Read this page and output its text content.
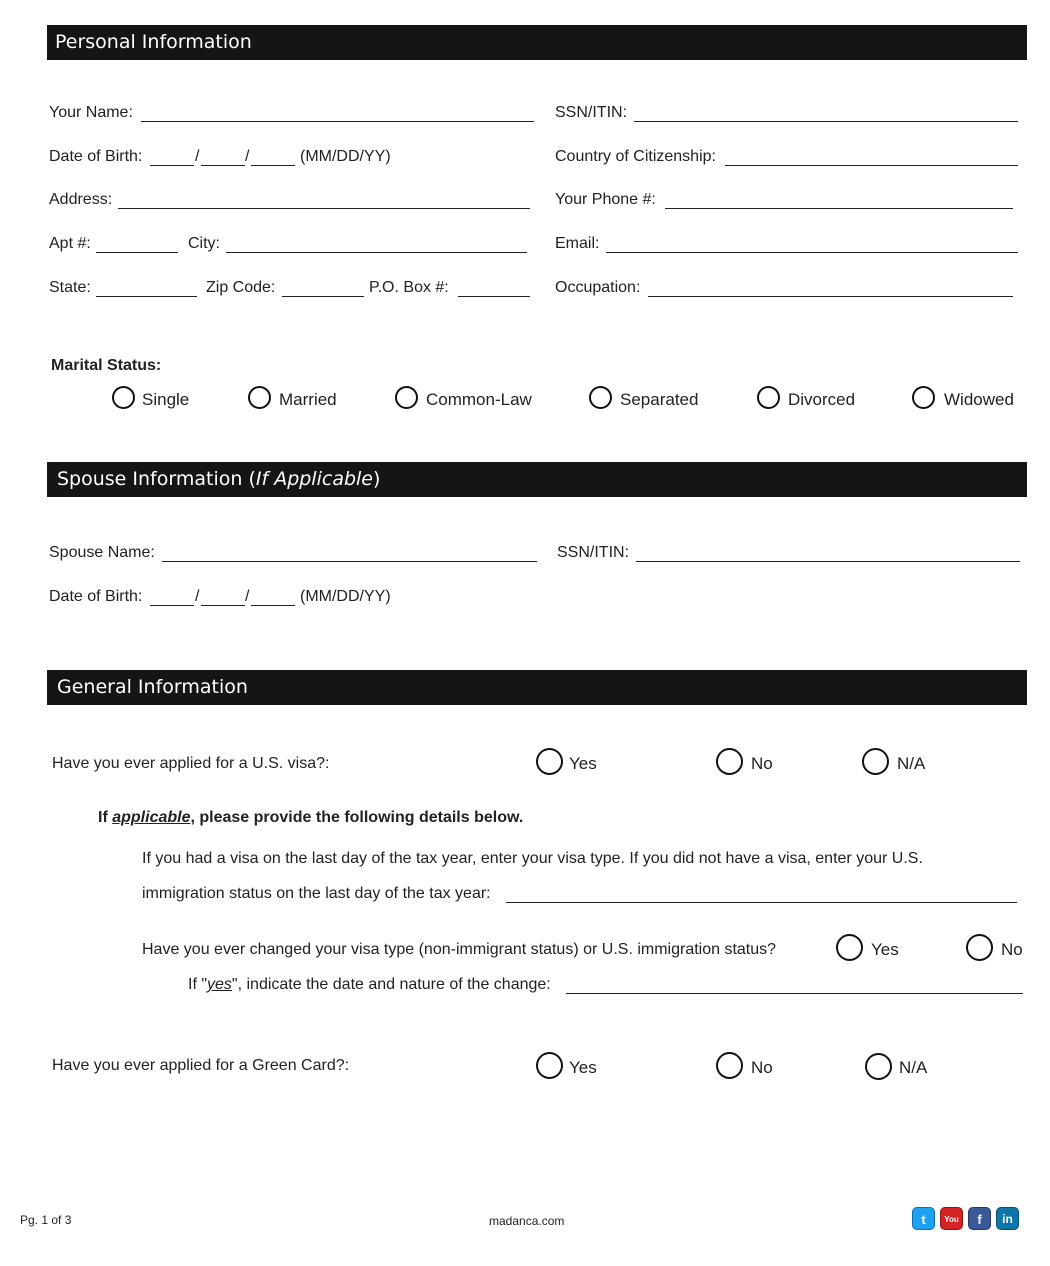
Personal Information
Your Name:	SSN/ITIN:
Date of Birth:	/	/	(MM/DD/YY)	Country of Citizenship:
Address:	Your Phone #:
Apt #:	City:	Email:
State:	Zip Code:	P.O. Box #:	Occupation:
Marital Status:
Single	Married	Common-Law	Separated	Divorced	Widowed
Spouse Information (If Applicable)
Spouse Name:	SSN/ITIN:
Date of Birth:	/	/	(MM/DD/YY)
General Information
Have you ever applied for a U.S. visa?:	Yes	No	N/A
If applicable, please provide the following details below.
If you had a visa on the last day of the tax year, enter your visa type. If you did not have a visa, enter your U.S.
immigration status on the last day of the tax year:
Have you ever changed your visa type (non-immigrant status) or U.S. immigration status?	Yes	No
If "yes", indicate the date and nature of the change:
Have you ever applied for a Green Card?:	Yes	No	N/A
Pg. 1 of 3	madanca.com	t	You	f	in
